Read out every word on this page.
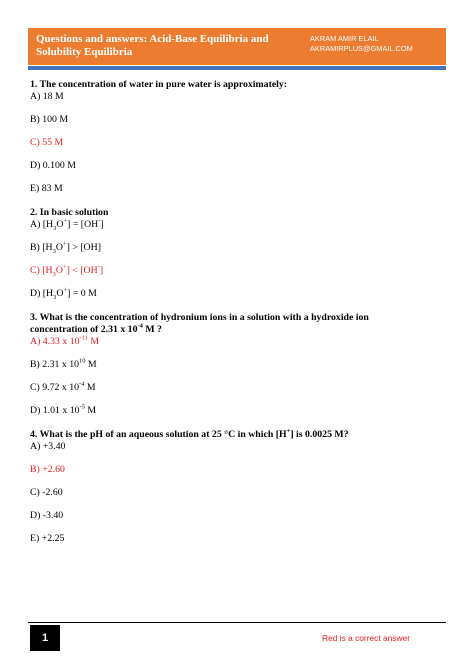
Questions and answers: Acid-Base Equilibria and
Solubility Equilibria
AKRAM AMIR ELAIL
AKRAMIRPLUS@GMAIL.COM
1. The concentration of water in pure water is approximately:
A) 18 M
B) 100 M
C) 55 M
D) 0.100 M
E) 83 M
2. In basic solution
A) $[H_3O^+] = [OH^-]$
B) $[H_3O^+] > [OH]$
C) $[H_3O^+] < [OH^-]$
D) $[H_3O^+] = 0$ M
3. What is the concentration of hydronium ions in a solution with a hydroxide ion
concentration of 2.31 x $10^{-4}$ M ?
A) 4.33 x $10^{-11}$ M
B) 2.31 x $10^{10}$ M
C) 9.72 x $10^{-4}$ M
D) 1.01 x $10^{-5}$ M
4. What is the pH of an aqueous solution at 25 °C in which [H+] is 0.0025 M?
A) +3.40
B) +2.60
C) -2.60
D) -3.40
E) +2.25
1	Red is a correct answer
